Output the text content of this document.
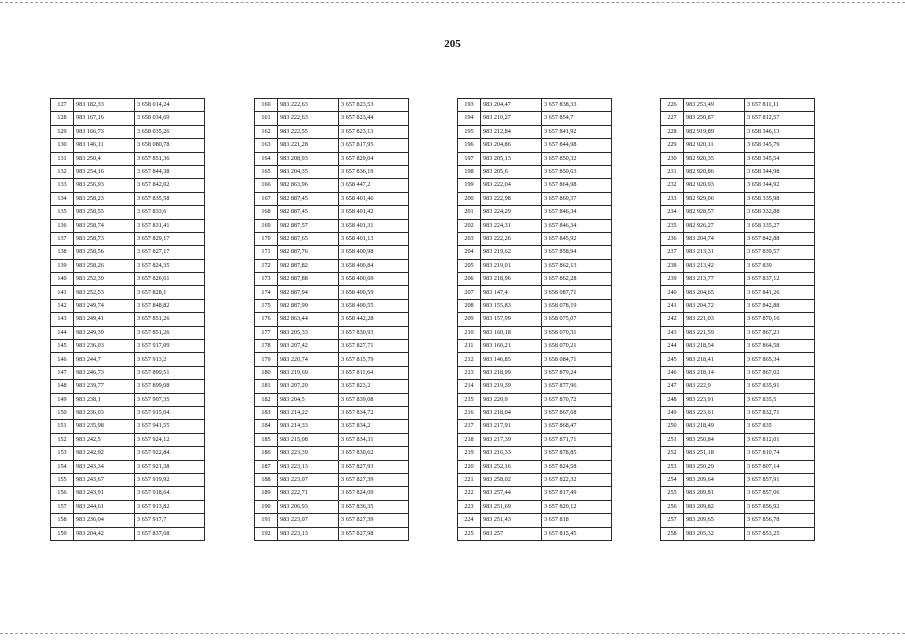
205
127	983 182,33	3 658 014,24
128	983 167,16	3 658 034,69
129	983 166,73	3 658 035,26
130	983 146,11	3 658 080,78
131	983 250,4	3 657 851,36
132	983 254,16	3 657 844,38
133	983 256,93	3 657 842,02
134	983 258,23	3 657 835,58
135	983 258,55	3 657 833,6
136	983 258,74	3 657 831,41
137	983 258,73	3 657 829,17
138	983 258,56	3 657 827,17
139	983 258,26	3 657 824,35
140	983 252,39	3 657 826,61
141	983 252,53	3 657 828,1
142	983 249,74	3 657 848,82
143	983 249,41	3 657 851,26
144	983 249,39	3 657 851,26
145	983 236,03	3 657 917,09
146	983 244,7	3 657 913,2
147	983 246,73	3 657 899,51
148	983 239,77	3 657 899,08
149	983 238,1	3 657 907,35
150	983 236,03	3 657 915,04
151	983 235,98	3 657 941,55
152	983 242,5	3 657 924,12
153	983 242,92	3 657 922,84
154	983 243,34	3 657 921,38
155	983 243,67	3 657 919,92
156	983 243,91	3 657 918,64
157	983 244,61	3 657 913,82
158	983 236,04	3 657 917,7
159	983 204,42	3 657 837,68
160	983 222,63	3 657 823,53
161	983 222,63	3 657 823,44
162	983 222,55	3 657 823,13
163	983 221,28	3 657 817,95
164	983 208,93	3 657 829,04
165	983 204,35	3 657 836,19
166	982 863,96	3 658 447,2
167	982 887,45	3 658 401,46
168	982 887,45	3 658 401,42
169	982 887,57	3 658 401,31
170	982 887,65	3 658 401,13
171	982 887,76	3 658 400,98
172	982 887,82	3 658 400,84
173	982 887,88	3 658 400,69
174	982 887,94	3 658 400,59
175	982 887,99	3 658 400,55
176	982 863,44	3 658 442,28
177	983 205,33	3 657 830,93
178	983 207,42	3 657 827,71
179	983 220,74	3 657 815,79
180	983 219,69	3 657 811,64
181	983 207,29	3 657 823,2
182	983 204,5	3 657 839,08
183	983 214,22	3 657 834,72
184	983 214,33	3 657 834,2
185	983 215,08	3 657 834,31
186	983 223,39	3 657 830,62
187	983 223,13	3 657 827,93
188	983 223,07	3 657 827,39
189	983 222,71	3 657 824,09
190	983 206,93	3 657 836,35
191	983 223,07	3 657 827,39
192	983 223,13	3 657 827,98
193	983 204,47	3 657 838,33
194	983 210,27	3 657 854,7
195	983 212,84	3 657 841,92
196	983 204,86	3 657 844,98
197	983 205,13	3 657 850,32
198	983 205,6	3 657 850,63
199	983 222,04	3 657 864,98
200	983 222,98	3 657 860,37
201	983 224,29	3 657 846,34
202	983 224,31	3 657 846,34
203	983 222,26	3 657 845,92
204	983 219,62	3 657 858,94
205	983 219,01	3 657 862,13
206	983 218,96	3 657 862,28
207	983 147,4	3 658 087,71
208	983 155,83	3 658 078,19
209	983 157,99	3 658 075,07
210	983 160,18	3 658 070,31
211	983 160,21	3 658 070,21
212	983 146,85	3 658 084,71
213	983 218,99	3 657 879,24
214	983 219,39	3 657 877,96
215	983 220,9	3 657 870,72
216	983 218,04	3 657 867,68
217	983 217,91	3 657 868,47
218	983 217,39	3 657 871,71
219	983 216,33	3 657 878,85
220	983 252,16	3 657 824,58
221	983 258,02	3 657 822,32
222	983 257,44	3 657 817,49
223	983 251,69	3 657 820,12
224	983 251,43	3 657 818
225	983 257	3 657 815,45
226	983 253,49	3 657 811,11
227	983 250,87	3 657 812,57
228	982 919,89	3 658 346,13
229	982 920,11	3 658 345,79
230	982 920,35	3 658 345,54
231	982 920,86	3 658 344,98
232	982 920,93	3 658 344,92
233	982 929,06	3 658 335,98
234	982 928,57	3 658 332,88
235	982 926,27	3 658 335,27
236	983 204,74	3 657 842,88
237	983 213,31	3 657 839,57
238	983 213,42	3 657 839
239	983 213,77	3 657 837,12
240	983 204,65	3 657 841,26
241	983 204,72	3 657 842,88
242	983 221,03	3 657 870,16
243	983 221,59	3 657 867,23
244	983 218,54	3 657 864,58
245	983 218,41	3 657 865,34
246	983 218,14	3 657 867,02
247	983 222,9	3 657 835,91
248	983 223,91	3 657 835,5
249	983 223,61	3 657 832,71
250	983 218,49	3 657 835
251	983 250,84	3 657 812,01
252	983 251,18	3 657 810,74
253	983 250,29	3 657 807,14
254	983 209,64	3 657 857,91
255	983 209,81	3 657 857,06
256	983 209,82	3 657 856,92
257	983 209,65	3 657 856,78
258	983 205,32	3 657 853,25
